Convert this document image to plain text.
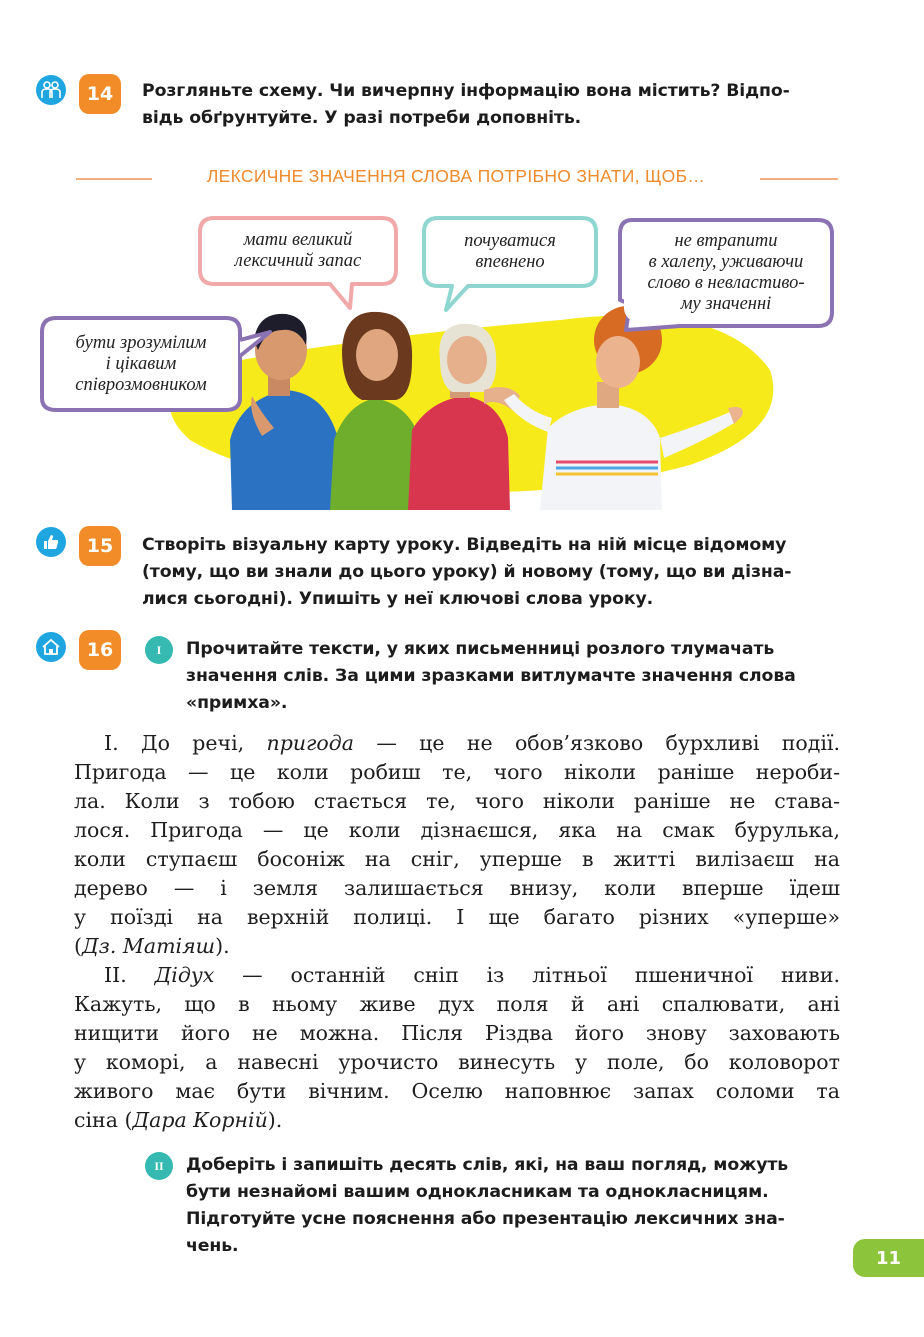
14	Розгляньте схему. Чи вичерпну інформацію вона містить? Відпо-
відь обґрунтуйте. У разі потреби доповніть.
ЛЕКСИЧНЕ ЗНАЧЕННЯ СЛОВА ПОТРІБНО ЗНАТИ, ЩОБ…
бути зрозумілим
і цікавим
співрозмовником
мати великий
лексичний запас
почуватися
впевнено
не втрапити
в халепу, уживаючи
слово в невластиво-
му значенні
15	Створіть візуальну карту уроку. Відведіть на ній місце відомому
(тому, що ви знали до цього уроку) й новому (тому, що ви дізна-
лися сьогодні). Упишіть у неї ключові слова уроку.
16	I	Прочитайте тексти, у яких письменниці розлого тлумачать
значення слів. За цими зразками витлумачте значення слова
«примха».
І. До речі, пригода — це не обов’язково бурхливі події.
Пригода — це коли робиш те, чого ніколи раніше нероби-
ла. Коли з тобою стається те, чого ніколи раніше не става-
лося. Пригода — це коли дізнаєшся, яка на смак бурулька,
коли ступаєш босоніж на сніг, уперше в житті вилізаєш на
дерево — і земля залишається внизу, коли вперше їдеш
у поїзді на верхній полиці. І ще багато різних «уперше»
(Дз. Матіяш).
ІІ. Дідух — останній сніп із літньої пшеничної ниви.
Кажуть, що в ньому живе дух поля й ані спалювати, ані
нищити його не можна. Після Різдва його знову заховають
у коморі, а навесні урочисто винесуть у поле, бо коловорот
живого має бути вічним. Оселю наповнює запах соломи та
сіна (Дара Корній).
II	Доберіть і запишіть десять слів, які, на ваш погляд, можуть
бути незнайомі вашим однокласникам та однокласницям.
Підготуйте усне пояснення або презентацію лексичних зна-
чень.
11
